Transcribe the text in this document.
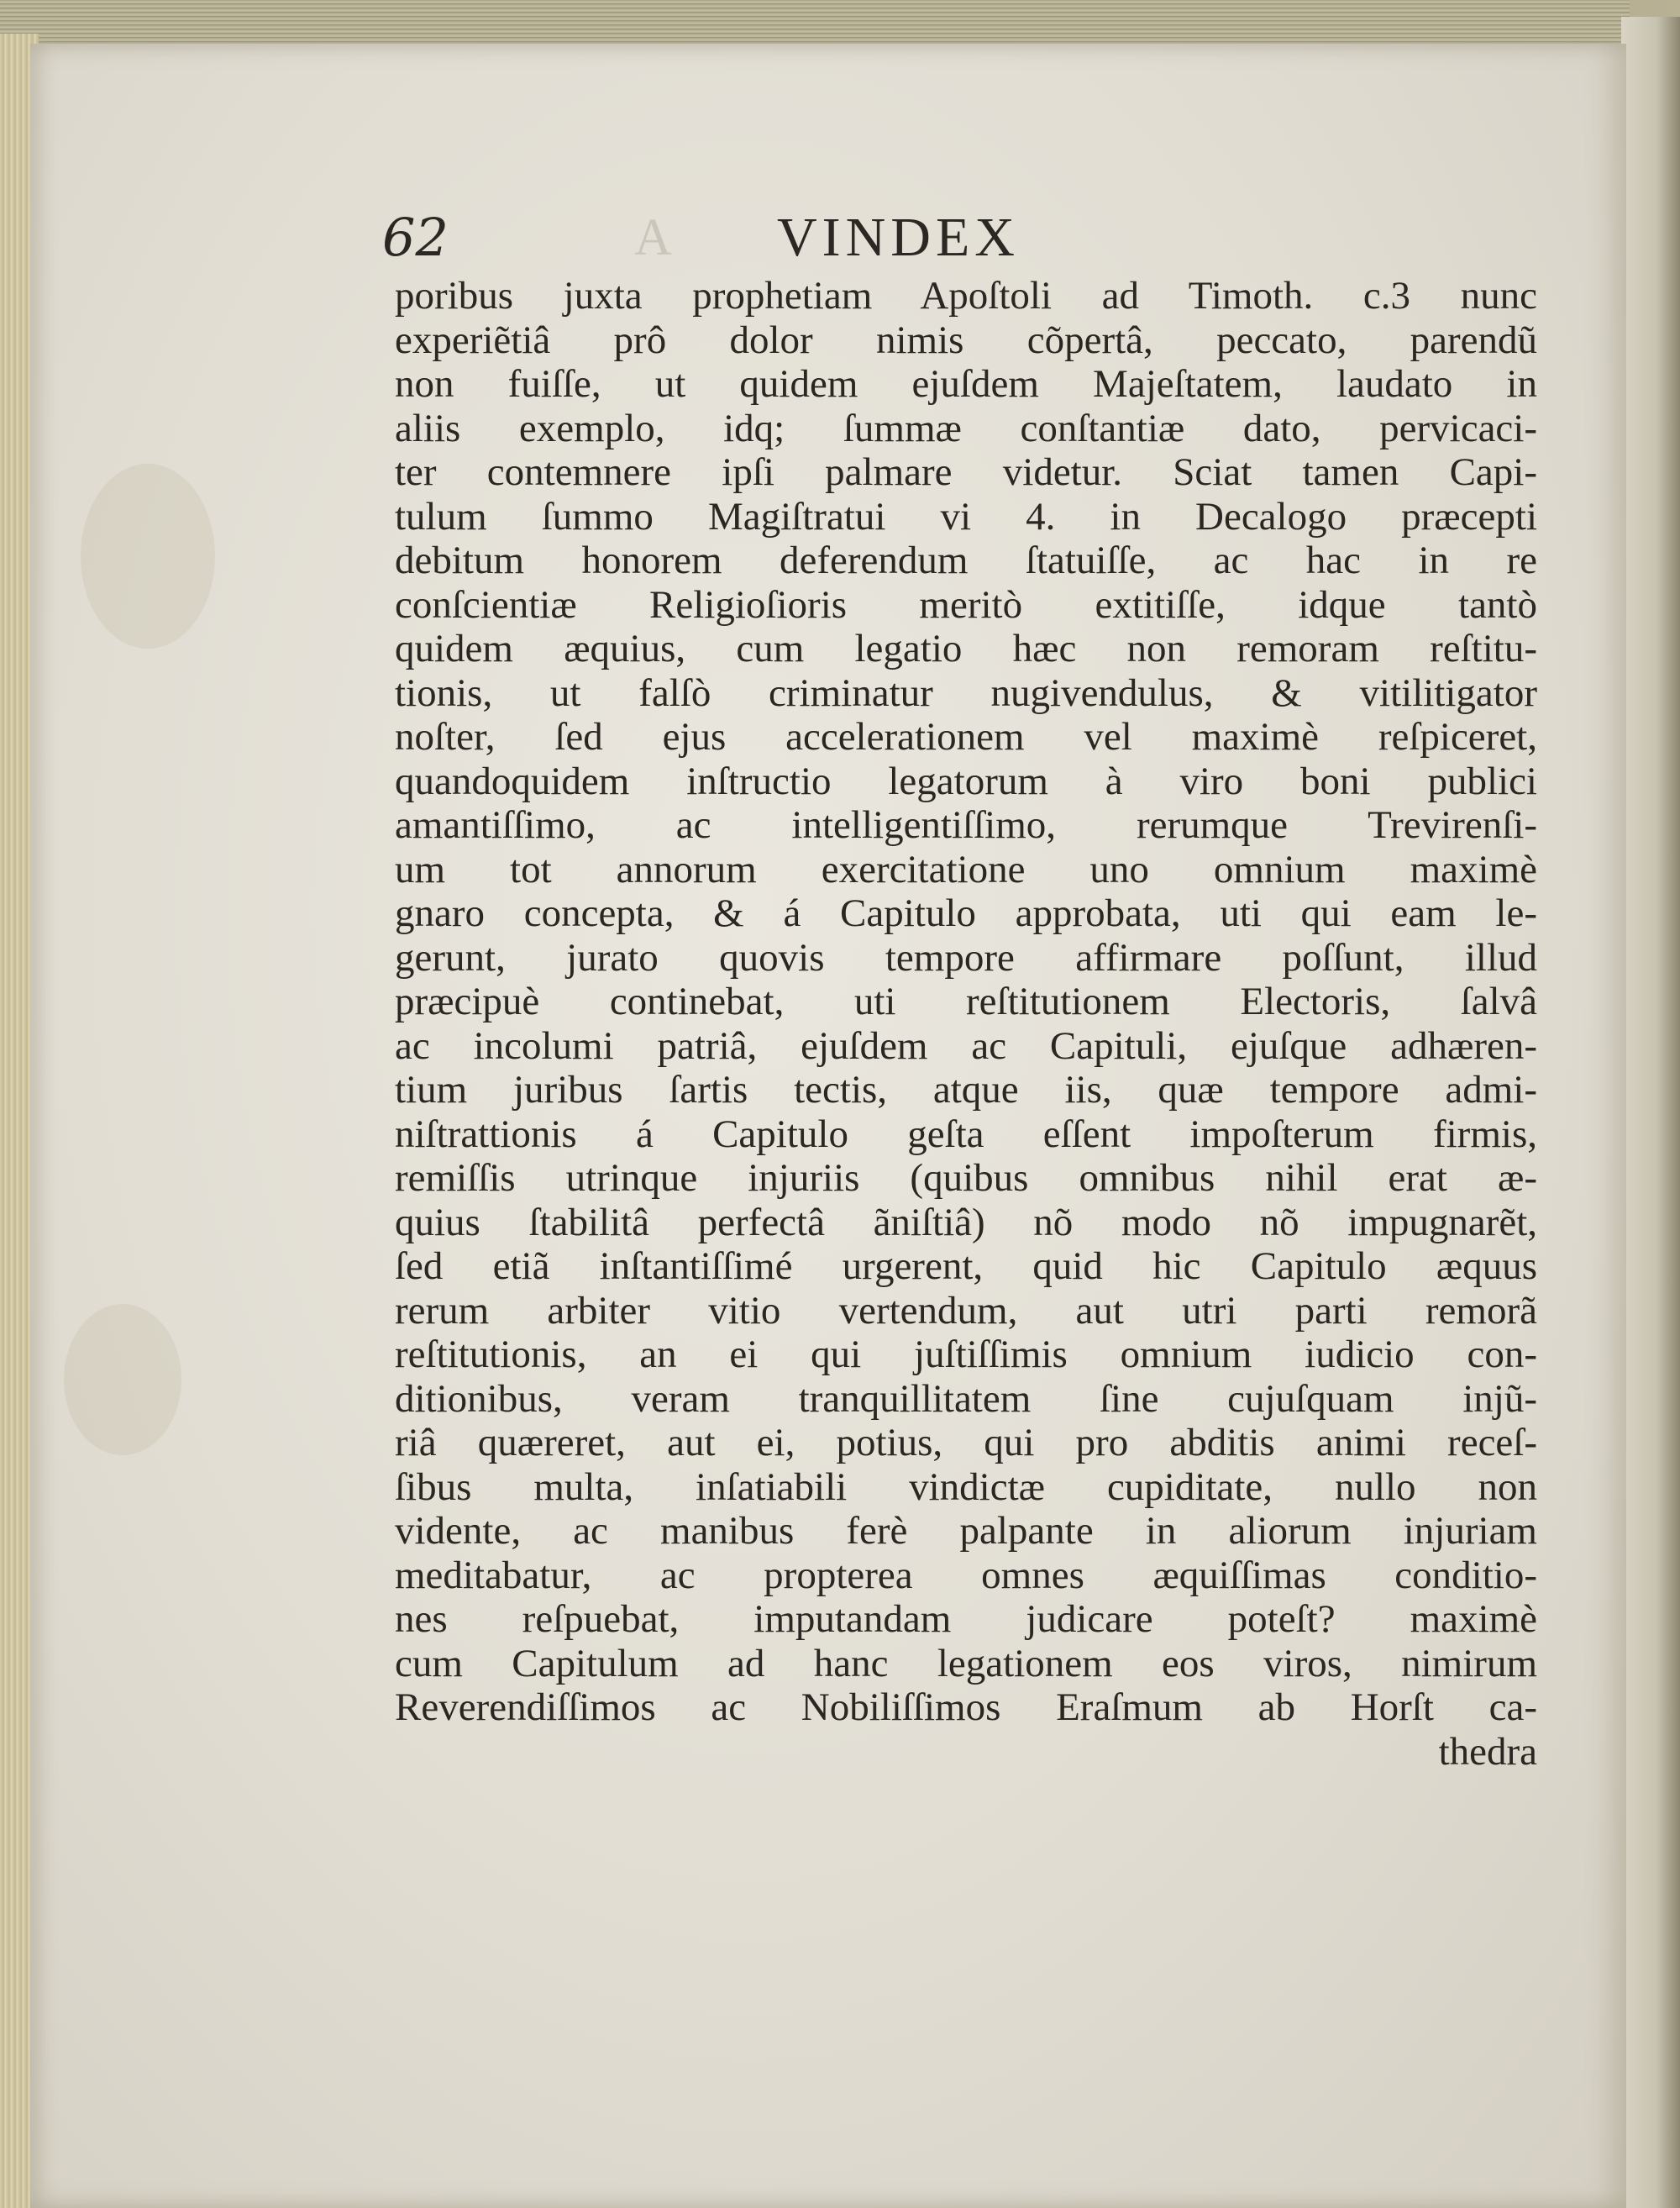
A
62	VINDEX
poribus juxta prophetiam Apoſtoli ad Timoth. c.3 nunc
experiẽtiâ prô dolor nimis cõpertâ, peccato, parendũ
non fuiſſe, ut quidem ejuſdem Majeſtatem, laudato in
aliis exemplo, idq; ſummæ conſtantiæ dato, pervicaci-
ter contemnere ipſi palmare videtur. Sciat tamen Capi-
tulum ſummo Magiſtratui vi 4. in Decalogo præcepti
debitum honorem deferendum ſtatuiſſe, ac hac in re
conſcientiæ Religioſioris meritò extitiſſe, idque tantò
quidem æquius, cum legatio hæc non remoram reſtitu-
tionis, ut falſò criminatur nugivendulus, & vitilitigator
noſter, ſed ejus accelerationem vel maximè reſpiceret,
quandoquidem inſtructio legatorum à viro boni publici
amantiſſimo, ac intelligentiſſimo, rerumque Trevirenſi-
um tot annorum exercitatione uno omnium maximè
gnaro concepta, & á Capitulo approbata, uti qui eam le-
gerunt, jurato quovis tempore affirmare poſſunt, illud
præcipuè continebat, uti reſtitutionem Electoris, ſalvâ
ac incolumi patriâ, ejuſdem ac Capituli, ejuſque adhæren-
tium juribus ſartis tectis, atque iis, quæ tempore admi-
niſtrattionis á Capitulo geſta eſſent impoſterum firmis,
remiſſis utrinque injuriis (quibus omnibus nihil erat æ-
quius ſtabilitâ perfectâ ãniſtiâ) nõ modo nõ impugnarẽt,
ſed etiã inſtantiſſimé urgerent, quid hic Capitulo æquus
rerum arbiter vitio vertendum, aut utri parti remorã
reſtitutionis, an ei qui juſtiſſimis omnium iudicio con-
ditionibus, veram tranquillitatem ſine cujuſquam injũ-
riâ quæreret, aut ei, potius, qui pro abditis animi receſ-
ſibus multa, inſatiabili vindictæ cupiditate, nullo non
vidente, ac manibus ferè palpante in aliorum injuriam
meditabatur, ac propterea omnes æquiſſimas conditio-
nes reſpuebat, imputandam judicare poteſt? maximè
cum Capitulum ad hanc legationem eos viros, nimirum
Reverendiſſimos ac Nobiliſſimos Eraſmum ab Horſt ca-
thedra
